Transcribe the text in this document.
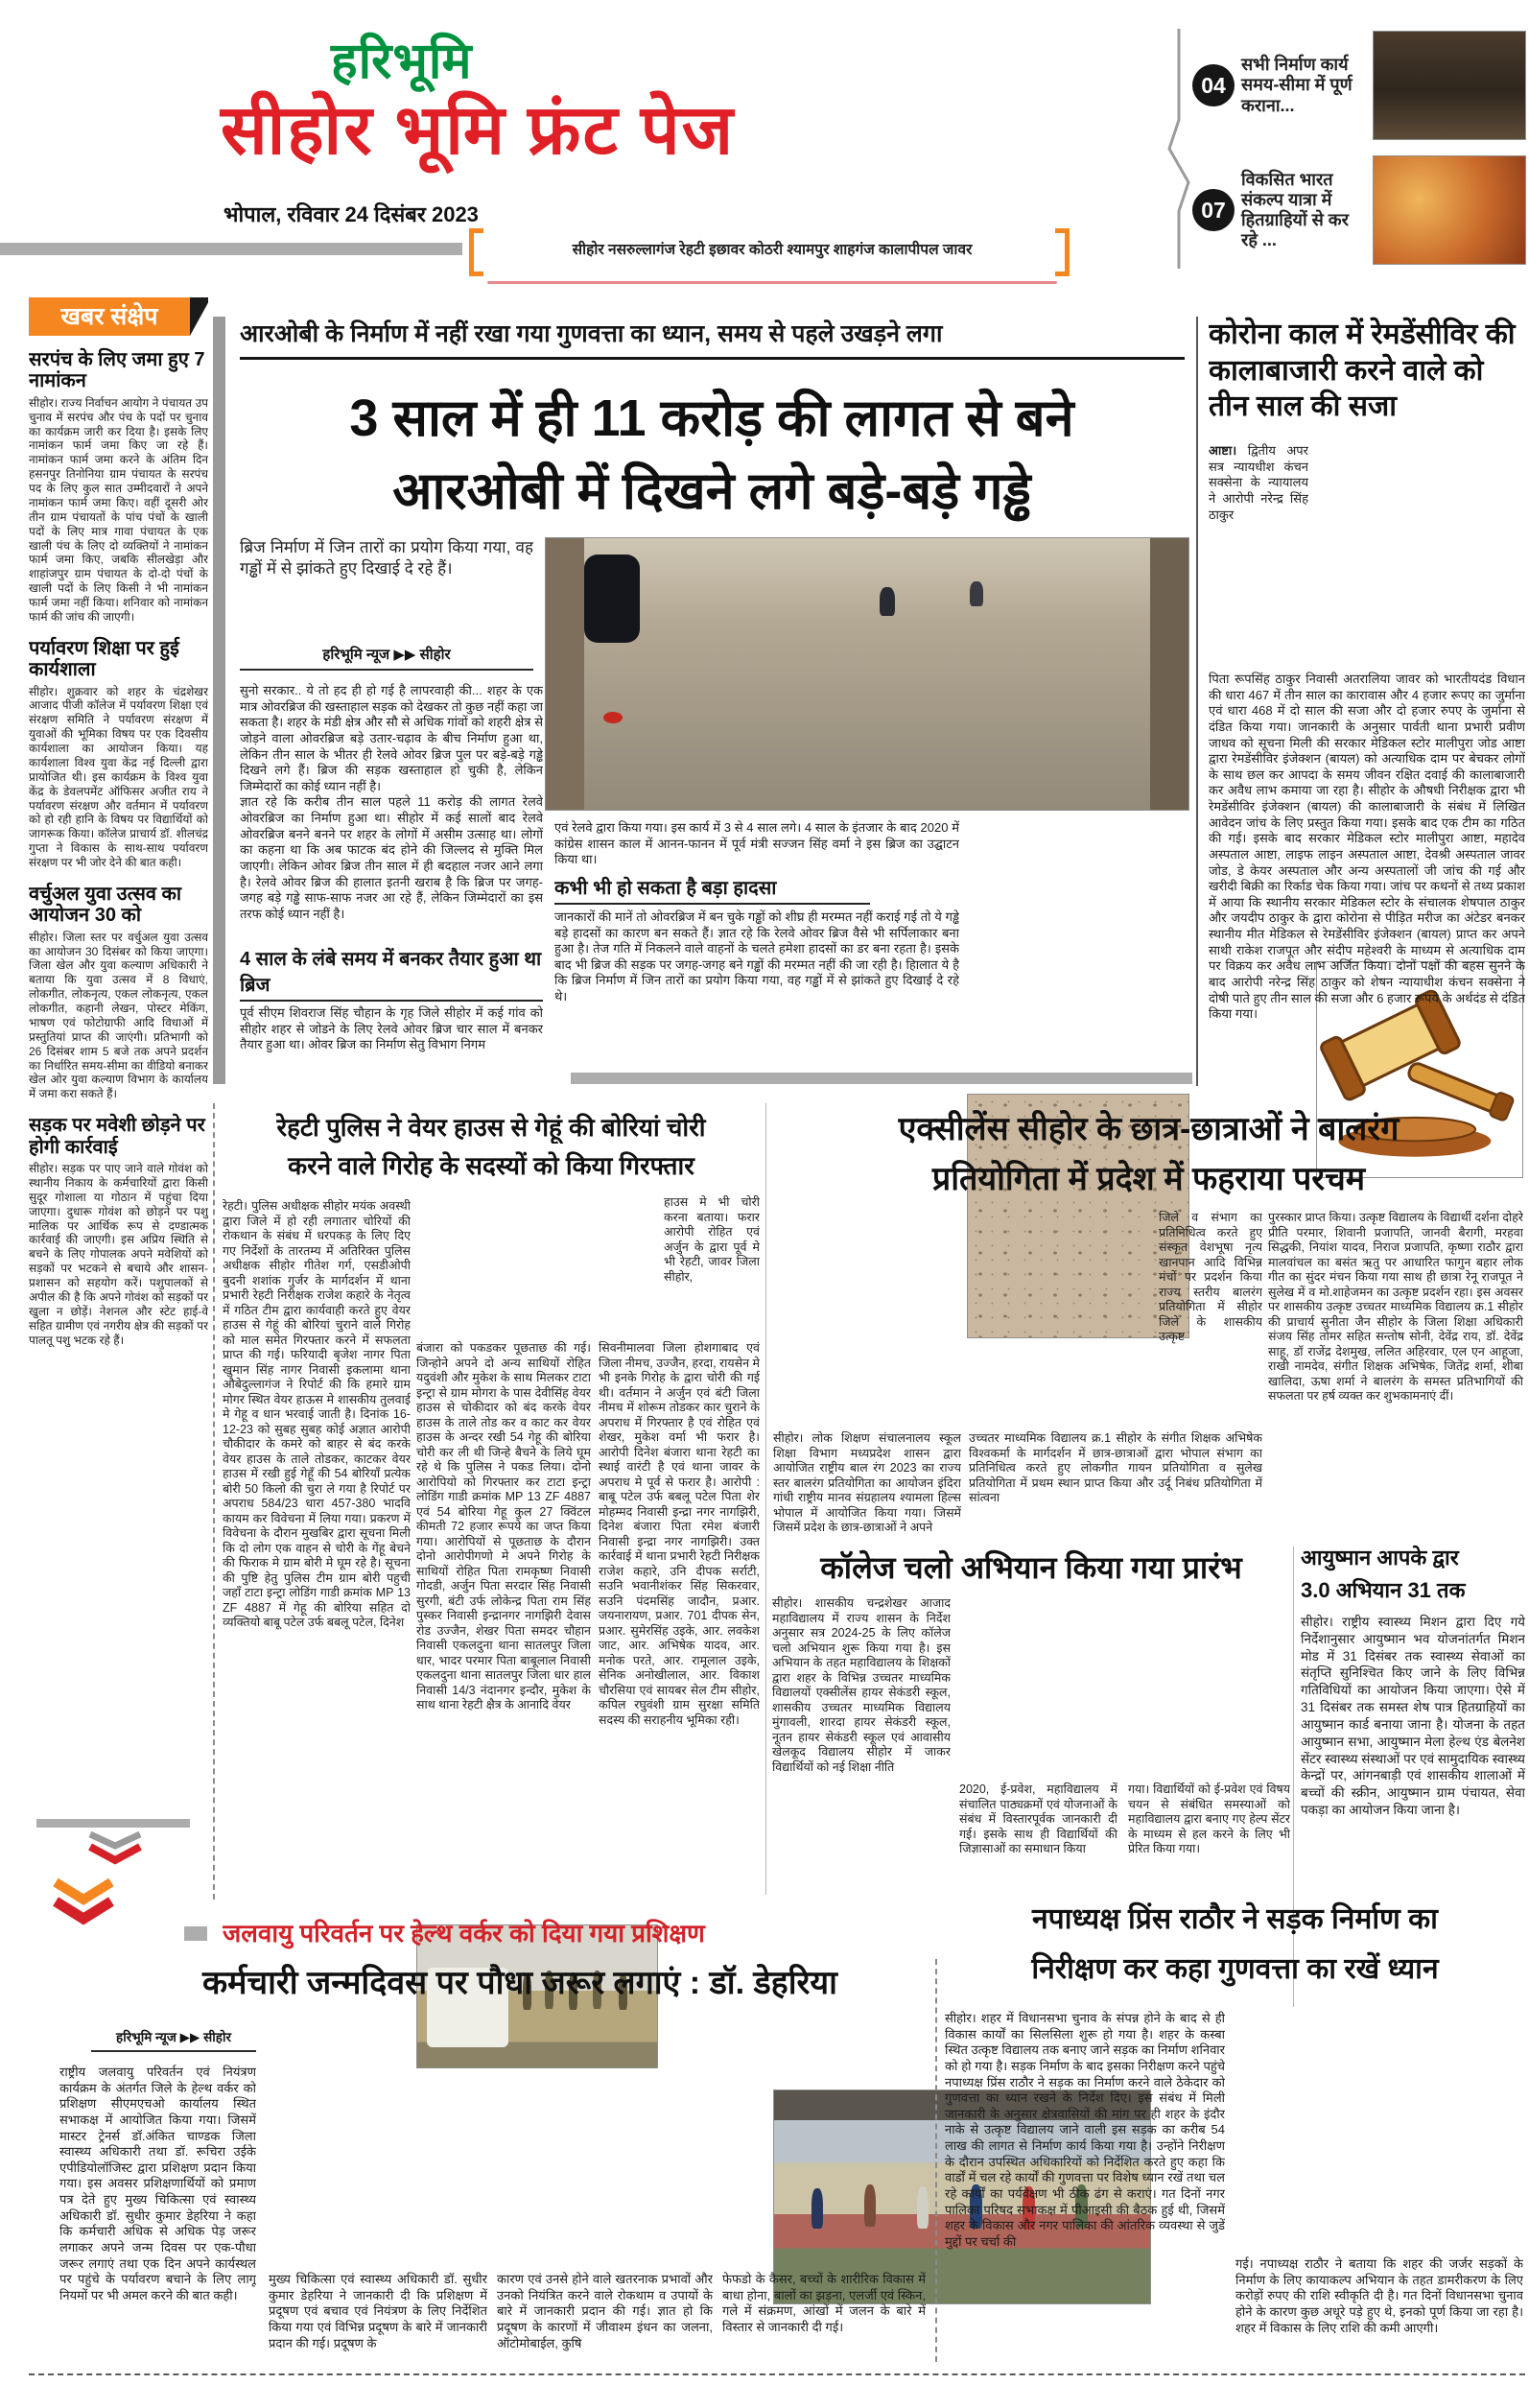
हरिभूमि
सीहोर भूमि फ्रंट पेज
भोपाल, रविवार 24 दिसंबर 2023
04
सभी निर्माण कार्य समय-सीमा में पूर्ण कराना...
07
विकसित भारत संकल्प यात्रा में हितग्राहियों से कर रहे ...
सीहोर नसरुल्लागंज रेहटी इछावर कोठरी श्यामपुर शाहगंज कालापीपल जावर
खबर संक्षेप
सरपंच के लिए जमा हुए 7 नामांकन
सीहोर। राज्य निर्वाचन आयोग ने पंचायत उप चुनाव में सरपंच और पंच के पदों पर चुनाव का कार्यक्रम जारी कर दिया है। इसके लिए नामांकन फार्म जमा किए जा रहे हैं। नामांकन फार्म जमा करने के अंतिम दिन हसनपुर तिनोनिया ग्राम पंचायत के सरपंच पद के लिए कुल सात उम्मीदवारों ने अपने नामांकन फार्म जमा किए। वहीं दूसरी ओर तीन ग्राम पंचायतों के पांच पंचों के खाली पदों के लिए मात्र गावा पंचायत के एक खाली पंच के लिए दो व्यक्तियों ने नामांकन फार्म जमा किए, जबकि सीलखेड़ा और शाहांजपुर ग्राम पंचायत के दो-दो पंचों के खाली पदों के लिए किसी ने भी नामांकन फार्म जमा नहीं किया। शनिवार को नामांकन फार्म की जांच की जाएगी।
पर्यावरण शिक्षा पर हुई कार्यशाला
सीहोर। शुक्रवार को शहर के चंद्रशेखर आजाद पीजी कॉलेज में पर्यावरण शिक्षा एवं संरक्षण समिति ने पर्यावरण संरक्षण में युवाओं की भूमिका विषय पर एक दिवसीय कार्यशाला का आयोजन किया। यह कार्यशाला विश्व युवा केंद्र नई दिल्ली द्वारा प्रायोजित थी। इस कार्यक्रम के विश्व युवा केंद्र के डेवलपमेंट ऑफिसर अजीत राय ने पर्यावरण संरक्षण और वर्तमान में पर्यावरण को हो रही हानि के विषय पर विद्यार्थियों को जागरूक किया। कॉलेज प्राचार्य डॉ. शीलचंद्र गुप्ता ने विकास के साथ-साथ पर्यावरण संरक्षण पर भी जोर देने की बात कही।
वर्चुअल युवा उत्सव का आयोजन 30 को
सीहोर। जिला स्तर पर वर्चुअल युवा उत्सव का आयोजन 30 दिसंबर को किया जाएगा। जिला खेल और युवा कल्याण अधिकारी ने बताया कि युवा उत्सव में 8 विधाएं, लोकगीत, लोकनृत्य, एकल लोकनृत्य, एकल लोकगीत, कहानी लेखन, पोस्टर मेकिंग, भाषण एवं फोटोग्राफी आदि विधाओं में प्रस्तुतियां प्राप्त की जाएंगी। प्रतिभागी को 26 दिसंबर शाम 5 बजे तक अपने प्रदर्शन का निर्धारित समय-सीमा का वीडियो बनाकर खेल ओर युवा कल्याण विभाग के कार्यालय में जमा करा सकते हैं।
सड़क पर मवेशी छोड़ने पर होगी कार्रवाई
सीहोर। सड़क पर पाए जाने वाले गोवंश को स्थानीय निकाय के कर्मचारियों द्वारा किसी सुदूर गोशाला या गोठान में पहुंचा दिया जाएगा। दुधारू गोवंश को छोड़ने पर पशु मालिक पर आर्थिक रूप से दण्डात्मक कार्रवाई की जाएगी। इस अप्रिय स्थिति से बचने के लिए गोपालक अपने मवेशियों को सड़कों पर भटकने से बचाये और शासन-प्रशासन को सहयोग करें। पशुपालकों से अपील की है कि अपने गोवंश को सड़कों पर खुला न छोड़ें। नेशनल और स्टेट हाई-वे सहित ग्रामीण एवं नगरीय क्षेत्र की सड़कों पर पालतू पशु भटक रहे हैं।
आरओबी के निर्माण में नहीं रखा गया गुणवत्ता का ध्यान, समय से पहले उखड़ने लगा
3 साल में ही 11 करोड़ की लागत से बने
आरओबी में दिखने लगे बड़े-बड़े गड्ढे
ब्रिज निर्माण में जिन तारों का प्रयोग किया गया, वह गड्ढों में से झांकते हुए दिखाई दे रहे हैं।
हरिभूमि न्यूज ▶▶ सीहोर
सुनो सरकार.. ये तो हद ही हो गई है लापरवाही की... शहर के एक मात्र ओवरब्रिज की खस्ताहाल सड़क को देखकर तो कुछ नहीं कहा जा सकता है। शहर के मंडी क्षेत्र और सौ से अधिक गांवों को शहरी क्षेत्र से जोड़ने वाला ओवरब्रिज बड़े उतार-चढ़ाव के बीच निर्माण हुआ था, लेकिन तीन साल के भीतर ही रेलवे ओवर ब्रिज पुल पर बड़े-बड़े गड्ढे दिखने लगे हैं। ब्रिज की सड़क खस्ताहाल हो चुकी है, लेकिन जिम्मेदारों का कोई ध्यान नहीं है।
ज्ञात रहे कि करीब तीन साल पहले 11 करोड़ की लागत रेलवे ओवरब्रिज का निर्माण हुआ था। सीहोर में कई सालों बाद रेलवे ओवरब्रिज बनने बनने पर शहर के लोगों में असीम उत्साह था। लोगों का कहना था कि अब फाटक बंद होने की जिल्लद से मुक्ति मिल जाएगी। लेकिन ओवर ब्रिज तीन साल में ही बदहाल नजर आने लगा है। रेलवे ओवर ब्रिज की हालात इतनी खराब है कि ब्रिज पर जगह-जगह बड़े गड्ढे साफ-साफ नजर आ रहे हैं, लेकिन जिम्मेदारों का इस तरफ कोई ध्यान नहीं है।
4 साल के लंबे समय में बनकर तैयार हुआ था ब्रिज
पूर्व सीएम शिवराज सिंह चौहान के गृह जिले सीहोर में कई गांव को सीहोर शहर से जोडने के लिए रेलवे ओवर ब्रिज चार साल में बनकर तैयार हुआ था। ओवर ब्रिज का निर्माण सेतु विभाग निगम
एवं रेलवे द्वारा किया गया। इस कार्य में 3 से 4 साल लगे। 4 साल के इंतजार के बाद 2020 में कांग्रेस शासन काल में आनन-फानन में पूर्व मंत्री सज्जन सिंह वर्मा ने इस ब्रिज का उद्घाटन किया था।
कभी भी हो सकता है बड़ा हादसा
जानकारों की मानें तो ओवरब्रिज में बन चुके गड्ढों को शीघ्र ही मरम्मत नहीं कराई गई तो ये गड्ढे बड़े हादसों का कारण बन सकते हैं। ज्ञात रहे कि रेलवे ओवर ब्रिज वैसे भी सर्पिलाकार बना हुआ है। तेज गति में निकलने वाले वाहनों के चलते हमेशा हादसों का डर बना रहता है। इसके बाद भी ब्रिज की सड़क पर जगह-जगह बने गड्ढों की मरम्मत नहीं की जा रही है। हिालात ये है कि ब्रिज निर्माण में जिन तारों का प्रयोग किया गया, वह गड्ढों में से झांकते हुए दिखाई दे रहे थे।
कोरोना काल में रेमडेंसीविर की कालाबाजारी करने वाले को तीन साल की सजा
आष्टा। द्वितीय अपर सत्र न्यायधीश कंचन सक्सेना के न्यायालय ने आरोपी नरेन्द्र सिंह ठाकुर
पिता रूपसिंह ठाकुर निवासी अतरालिया जावर को भारतीयदंड विधान की धारा 467 में तीन साल का कारावास और 4 हजार रूपए का जुर्माना एवं धारा 468 में दो साल की सजा और दो हजार रुपए के जुर्माना से दंडित किया गया। जानकारी के अनुसार पार्वती थाना प्रभारी प्रवीण जाधव को सूचना मिली की सरकार मेडिकल स्टोर मालीपुरा जोड आष्टा द्वारा रेमडेंसीविर इंजेक्शन (बायल) को अत्याधिक दाम पर बेचकर लोगों के साथ छल कर आपदा के समय जीवन रक्षित दवाई की कालाबाजारी कर अवैध लाभ कमाया जा रहा है। सीहोर के औषधी निरीक्षक द्वारा भी रेमडेंसीविर इंजेक्शन (बायल) की कालाबाजारी के संबंध में लिखित आवेदन जांच के लिए प्रस्तुत किया गया। इसके बाद एक टीम का गठित की गई। इसके बाद सरकार मेडिकल स्टोर मालीपुरा आष्टा, महादेव अस्पताल आष्टा, लाइफ लाइन अस्पताल आष्टा, देवश्री अस्पताल जावर जोड, डे केयर अस्पताल और अन्य अस्पतालों जी जांच की गई और खरीदी बिक्री का रिर्काड चेक किया गया। जांच पर कथनों से तथ्य प्रकाश में आया कि स्थानीय सरकार मेडिकल स्टोर के संचालक शेषपाल ठाकुर और जयदीप ठाकुर के द्वारा कोरोना से पीड़ित मरीज का अंटेडर बनकर स्थानीय मीत मेडिकल से रेमडेंसीविर इंजेक्शन (बायल) प्राप्त कर अपने साथी राकेश राजपूत और संदीप महेश्वरी के माध्यम से अत्याधिक दाम पर विक्रय कर अवैध लाभ अर्जित किया। दोनों पक्षों की बहस सुनने के बाद आरोपी नरेन्द्र सिंह ठाकुर को शेषन न्यायाधीश कंचन सक्सेना ने दोषी पाते हुए तीन साल की सजा और 6 हजार रूपये के अर्थदंड से दंडित किया गया।
रेहटी पुलिस ने वेयर हाउस से गेहूं की बोरियां चोरी
करने वाले गिरोह के सदस्यों को किया गिरफ्तार
रेहटी। पुलिस अधीक्षक सीहोर मयंक अवस्थी द्वारा जिले में हो रही लगातार चोरियों की रोकथान के संबंध में धरपकड़ के लिए दिए गए निर्देशों के तारतम्य में अतिरिक्त पुलिस अधीक्षक सीहोर गीतेश गर्ग, एसडीओपी बुदनी शशांक गुर्जर के मार्गदर्शन में थाना प्रभारी रेहटी निरीक्षक राजेश कहारे के नेतृत्व में गठित टीम द्वारा कार्यवाही करते हुए वेयर हाउस से गेहूं की बोरियां चुराने वाले गिरोह को माल समेत गिरफ्तार करने में सफलता प्राप्त की गई। फरियादी बृजेश नागर पिता खुमान सिंह नागर निवासी इकलामा थाना औबेदुल्लागंज ने रिपोर्ट की कि हमारे ग्राम मोगर स्थित वेयर हाऊस मे शासकीय तुलवाई मे गेहू व धान भरवाई जाती है। दिनांक 16-12-23 को सुबह सुबह कोई अज्ञात आरोपी चौकीदार के कमरे को बाहर से बंद करके वेयर हाउस के ताले तोडकर, काटकर वेयर हाउस में रखी हुई गेहूँ की 54 बोरियाँ प्रत्येक बोरी 50 किलो की चुरा ले गया है रिपोर्ट पर अपराध 584/23 धारा 457-380 भादवि कायम कर विवेचना में लिया गया। प्रकरण में विवेचना के दौरान मुखबिर द्वारा सूचना मिली कि दो लोग एक वाहन से चोरी के गेंहू बेचने की फिराक मे ग्राम बोरी मे घूम रहे है। सूचना की पुष्टि हेतु पुलिस टीम ग्राम बोरी पहुची जहाँ टाटा इन्ट्रा लोडिंग गाडी क्रमांक MP 13 ZF 4887 में गेहू की बोरिया सहित दो व्यक्तियो बाबू पटेल उर्फ बबलू पटेल, दिनेश
हाउस मे भी चोरी करना बताया। फरार आरोपी रोहित एवं अर्जुन के द्वारा पूर्व मे भी रेहटी, जावर जिला सीहोर,
बंजारा को पकडकर पूछताछ की गई। जिन्होने अपने दो अन्य साथियों रोहित यदुवंशी और मुकेश के साथ मिलकर टाटा इन्ट्रा से ग्राम मोगरा के पास देवीसिंह वेयर हाउस से चोकीदार को बंद करके वेयर हाउस के ताले तोड कर व काट कर वेयर हाउस के अन्दर रखी 54 गेहू की बोरिया चोरी कर ली थी जिन्हे बैचने के लिये घूम रहे थे कि पुलिस ने पकड लिया। दोनो आरोपियो को गिरफ्तार कर टाटा इन्ट्रा लोडिंग गाडी क्रमांक MP 13 ZF 4887 एवं 54 बोरिया गेहू कुल 27 क्विंटल कीमती 72 हजार रूपये का जप्त किया गया। आरोपियों से पूछताछ के दौरान दोनो आरोपीगणो मे अपने गिरोह के साथियों रोहित पिता रामकृष्ण निवासी गोदडी, अर्जुन पिता सरदार सिंह निवासी सुरगी, बंटी उर्फ लोकेन्द्र पिता राम सिंह पुस्कर निवासी इन्द्रानगर नागझिरी देवास रोड उज्जैन, शेखर पिता समदर चौहान निवासी एकलदुना थाना सातलपुर जिला धार, भादर परमार पिता बाबूलाल निवासी एकलदुना थाना सातलपुर जिला धार हाल निवासी 14/3 नंदानगर इन्दौर, मुकेश के साथ थाना रेहटी क्षैत्र के आनादि वेयर
सिवनीमालवा जिला होशगाबाद एवं जिला नीमच, उज्जैन, हरदा, रायसेन मे भी इनके गिरोह के द्वारा चोरी की गई थी। वर्तमान ने अर्जुन एवं बंटी जिला नीमच में शोरूम तोडकर कार चुराने के अपराध में गिरफ्तार है एवं रोहित एवं शेखर, मुकेश वर्मा भी फरार है। आरोपी दिनेश बंजारा थाना रेहटी का स्थाई वारंटी है एवं थाना जावर के अपराध मे पूर्व से फरार है। आरोपी : बाबू पटेल उर्फ बबलू पटेल पिता शेर मोहम्मद निवासी इन्द्रा नगर नागझिरी, दिनेश बंजारा पिता रमेश बंजारी निवासी इन्द्रा नगर नागझिरी। उक्त कार्रवाई में थाना प्रभारी रेहटी निरीक्षक राजेश कहारे, उनि दीपक सर्राटी, सउनि भवानीशंकर सिंह सिकरवार, सउनि पंदमसिंह जादौन, प्रआर. जयनारायण, प्रआर. 701 दीपक सेन, प्रआर. सुमेरसिंह उइके, आर. लवकेश जाट, आर. अभिषेक यादव, आर. मनोक परते, आर. रामूलाल उइके, सेनिक अनोखीलाल, आर. विकाश चौरसिया एवं सायबर सेल टीम सीहोर, कपिल रघुवंशी ग्राम सुरक्षा समिति सदस्य की सराहनीय भूमिका रही।
एक्सीलेंस सीहोर के छात्र-छात्राओं ने बालरंग
प्रतियोगिता में प्रदेश में फहराया परचम
जिले व संभाग का प्रतिनिधित्व करते हुए संस्कृत वेशभूषा नृत्य खानपान आदि विभिन्न मंचों पर प्रदर्शन किया राज्य स्तरीय बालरंग प्रतियोगिता में सीहोर जिले के शासकीय उत्कृष्ट
पुरस्कार प्राप्त किया। उत्कृष्ट विद्यालय के विद्यार्थी दर्शना दोहरे प्रीति परमार, शिवानी प्रजापति, जानवी बैरागी, मरहवा सिद्धकी, नियांश यादव, निराज प्रजापति, कृष्णा राठौर द्वारा मालवांचल का बसंत ऋतु पर आधारित फागुन बहार लोक गीत का सुंदर मंचन किया गया साथ ही छात्रा रेनू राजपूत ने सुलेख में व मो.शाहेजमन का उत्कृष्ट प्रदर्शन रहा। इस अवसर पर शासकीय उत्कृष्ट उच्चतर माध्यमिक विद्यालय क्र.1 सीहोर की प्राचार्य सुनीता जैन सीहोर के जिला शिक्षा अधिकारी संजय सिंह तोमर सहित सन्तोष सोनी, देवेंद्र राय, डॉ. देवेंद्र साहू, डॉ राजेंद्र देशमुख, ललित अहिरवार, एल एन आहूजा, राखी नामदेव, संगीत शिक्षक अभिषेक, जितेंद्र शर्मा, शीबा खालिदा, ऊषा शर्मा ने बालरंग के समस्त प्रतिभागियों की सफलता पर हर्ष व्यक्त कर शुभकामनाएं दीं।
सीहोर। लोक शिक्षण संचालनालय स्कूल शिक्षा विभाग मध्यप्रदेश शासन द्वारा आयोजित राष्ट्रीय बाल रंग 2023 का राज्य स्तर बालरंग प्रतियोगिता का आयोजन इंदिरा गांधी राष्ट्रीय मानव संग्रहालय श्यामला हिल्स भोपाल में आयोजित किया गया। जिसमें जिसमें प्रदेश के छात्र-छात्राओं ने अपने
उच्चतर माध्यमिक विद्यालय क्र.1 सीहोर के संगीत शिक्षक अभिषेक विश्वकर्मा के मार्गदर्शन में छात्र-छात्राओं द्वारा भोपाल संभाग का प्रतिनिधित्व करते हुए लोकगीत गायन प्रतियोगिता व सुलेख प्रतियोगिता में प्रथम स्थान प्राप्त किया और उर्दू निबंध प्रतियोगिता में सांत्वना
कॉलेज चलो अभियान किया गया प्रारंभ
सीहोर। शासकीय चन्द्रशेखर आजाद महाविद्यालय में राज्य शासन के निर्देश अनुसार सत्र 2024-25 के लिए कॉलेज चलो अभियान शुरू किया गया है। इस अभियान के तहत महाविद्यालय के शिक्षकों द्वारा शहर के विभिन्न उच्चतर माध्यमिक विद्यालयों एक्सीलेंस हायर सेकंडरी स्कूल, शासकीय उच्चतर माध्यमिक विद्यालय मुंगावली, शारदा हायर सेकंडरी स्कूल, नूतन हायर सेकंडरी स्कूल एवं आवासीय खेलकूद विद्यालय सीहोर में जाकर विद्यार्थियों को नई शिक्षा नीति
2020, ई-प्रवेश, महाविद्यालय में संचालित पाठ्यक्रमों एवं योजनाओं के संबंध में विस्तारपूर्वक जानकारी दी गई। इसके साथ ही विद्यार्थियों की जिज्ञासाओं का समाधान किया
गया। विद्यार्थियों को ई-प्रवेश एवं विषय चयन से संबंधित समस्याओं को महाविद्यालय द्वारा बनाए गए हेल्प सेंटर के माध्यम से हल करने के लिए भी प्रेरित किया गया।
आयुष्मान आपके द्वार
3.0 अभियान 31 तक
सीहोर। राष्ट्रीय स्वास्थ्य मिशन द्वारा दिए गये निर्देशानुसार आयुष्मान भव योजनांतर्गत मिशन मोड में 31 दिसंबर तक स्वास्थ्य सेवाओं का संतृप्ति सुनिश्चित किए जाने के लिए विभिन्न गतिविधियों का आयोजन किया जाएगा। ऐसे में 31 दिसंबर तक समस्त शेष पात्र हितग्राहियों का आयुष्मान कार्ड बनाया जाना है। योजना के तहत आयुष्मान सभा, आयुष्मान मेला हेल्थ एंड बेलनेश सेंटर स्वास्थ्य संस्थाओं पर एवं सामुदायिक स्वास्थ्य केन्द्रों पर, आंगनबाड़ी एवं शासकीय शालाओं में बच्चों की स्क्रीन, आयुष्मान ग्राम पंचायत, सेवा पकड़ा का आयोजन किया जाना है।
जलवायु परिवर्तन पर हेल्थ वर्कर को दिया गया प्रशिक्षण
कर्मचारी जन्मदिवस पर पौधा जरूर लगाएं : डॉ. डेहरिया
हरिभूमि न्यूज ▶▶ सीहोर
राष्ट्रीय जलवायु परिवर्तन एवं नियंत्रण कार्यक्रम के अंतर्गत जिले के हेल्थ वर्कर को प्रशिक्षण सीएमएचओ कार्यालय स्थित सभाकक्ष में आयोजित किया गया। जिसमें मास्टर ट्रेनर्स डॉ.अंकित चाण्डक जिला स्वास्थ्य अधिकारी तथा डॉ. रूचिरा उईके एपीडियोलॉजिस्ट द्वारा प्रशिक्षण प्रदान किया गया। इस अवसर प्रशिक्षणार्थियों को प्रमाण पत्र देते हुए मुख्य चिकित्सा एवं स्वास्थ्य अधिकारी डॉ. सुधीर कुमार डेहरिया ने कहा कि कर्मचारी अधिक से अधिक पेड़ जरूर लगाकर अपने जन्म दिवस पर एक-पौधा जरूर लगाएं तथा एक दिन अपने कार्यस्थल पर पहुंचे के पर्यावरण बचाने के लिए लागू नियमों पर भी अमल करने की बात कही।
मुख्य चिकित्सा एवं स्वास्थ्य अधिकारी डॉ. सुधीर कुमार डेहरिया ने जानकारी दी कि प्रशिक्षण में प्रदूषण एवं बचाव एवं नियंत्रण के लिए निर्देशित किया गया एवं विभिन्न प्रदूषण के बारे में जानकारी प्रदान की गई। प्रदूषण के
कारण एवं उनसे होने वाले खतरनाक प्रभावों और उनको नियंत्रित करने वाले रोकथाम व उपायों के बारे में जानकारी प्रदान की गई। ज्ञात हो कि प्रदूषण के कारणों में जीवाश्म इंधन का जलना, ऑटोमोबाईल, कुषि
फेफडो के कैसर, बच्चों के शारीरिक विकास में बाधा होना, बालों का झड़ना, एलर्जी एवं स्किन, गले में संक्रमण, आंखों में जलन के बारे में विस्तार से जानकारी दी गई।
नपाध्यक्ष प्रिंस राठौर ने सड़क निर्माण का
निरीक्षण कर कहा गुणवत्ता का रखें ध्यान
सीहोर। शहर में विधानसभा चुनाव के संपन्न होने के बाद से ही विकास कार्यों का सिलसिला शुरू हो गया है। शहर के कस्बा स्थित उत्कृष्ट विद्यालय तक बनाए जाने सड़क का निर्माण शनिवार को हो गया है। सड़क निर्माण के बाद इसका निरीक्षण करने पहुंचे नपाध्यक्ष प्रिंस राठौर ने सड़क का निर्माण करने वाले ठेकेदार को गुणवत्ता का ध्यान रखने के निर्देश दिए। इस संबंध में मिली जानकारी के अनुसार क्षेत्रवासियों की मांग पर ही शहर के इंदौर नाके से उत्कृष्ट विद्यालय जाने वाली इस सड़क का करीब 54 लाख की लागत से निर्माण कार्य किया गया है। उन्होंने निरीक्षण के दौरान उपस्थित अधिकारियों को निर्देशित करते हुए कहा कि वार्डों में चल रहे कार्यों की गुणवत्ता पर विशेष ध्यान रखें तथा चल रहे कार्यों का पर्यवेक्षण भी ठीक ढंग से कराएं। गत दिनों नगर पालिका परिषद सभाकक्ष में पीआइसी की बैठक हुई थी, जिसमें शहर के विकास और नगर पालिका की आंतरिक व्यवस्था से जुडें मुद्दों पर चर्चा की
गई। नपाध्यक्ष राठौर ने बताया कि शहर की जर्जर सड़कों के निर्माण के लिए कायाकल्प अभियान के तहत डामरीकरण के लिए करोड़ों रुपए की राशि स्वीकृति दी है। गत दिनों विधानसभा चुनाव होने के कारण कुछ अधूरे पड़े हुए थे, इनको पूर्ण किया जा रहा है। शहर में विकास के लिए राशि की कमी आएगी।
